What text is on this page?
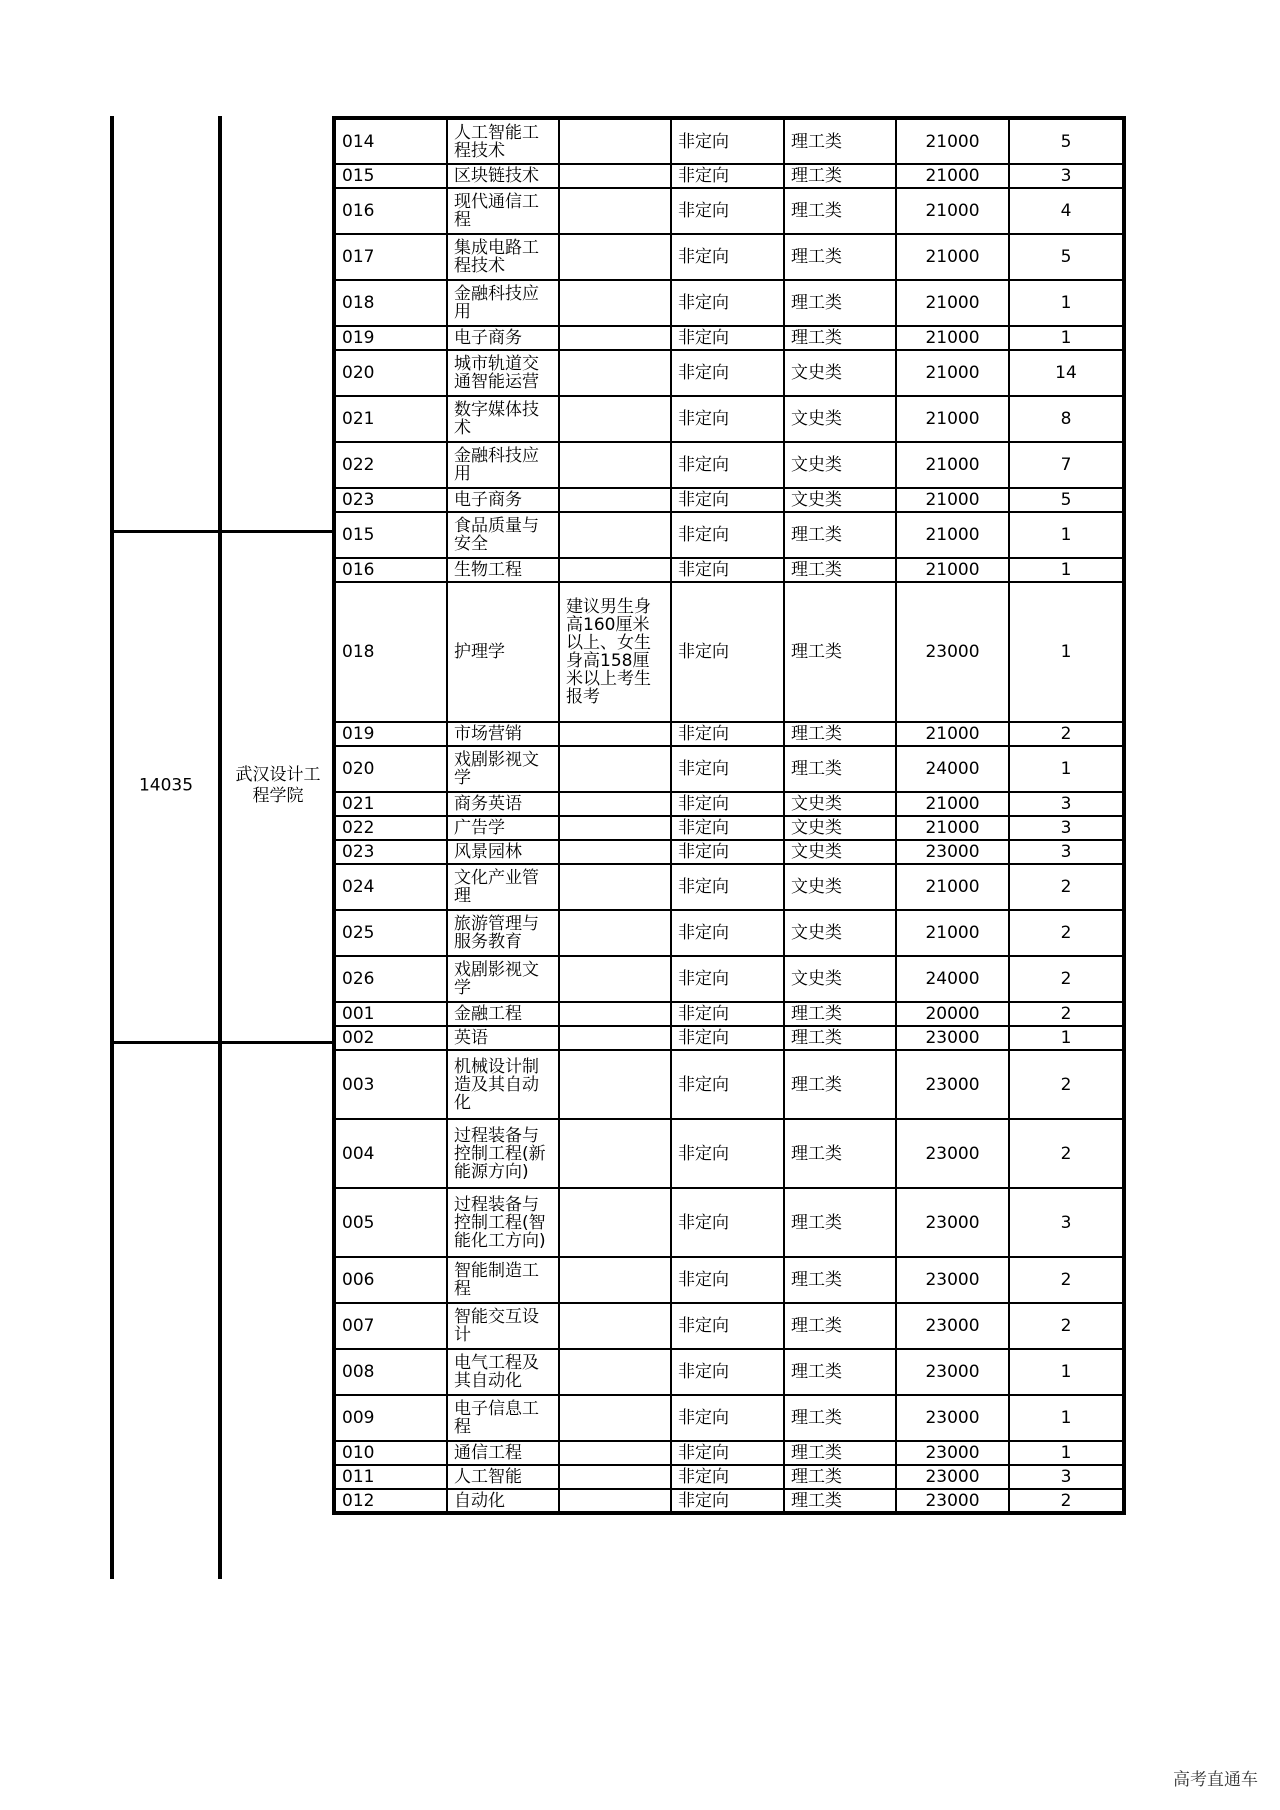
14035
武汉设计工程学院
014	人工智能工程技术		非定向	理工类	21000	5
015	区块链技术		非定向	理工类	21000	3
016	现代通信工程		非定向	理工类	21000	4
017	集成电路工程技术		非定向	理工类	21000	5
018	金融科技应用		非定向	理工类	21000	1
019	电子商务		非定向	理工类	21000	1
020	城市轨道交通智能运营		非定向	文史类	21000	14
021	数字媒体技术		非定向	文史类	21000	8
022	金融科技应用		非定向	文史类	21000	7
023	电子商务		非定向	文史类	21000	5
015	食品质量与安全		非定向	理工类	21000	1
016	生物工程		非定向	理工类	21000	1
018	护理学	建议男生身高160厘米以上、女生身高158厘米以上考生报考	非定向	理工类	23000	1
019	市场营销		非定向	理工类	21000	2
020	戏剧影视文学		非定向	理工类	24000	1
021	商务英语		非定向	文史类	21000	3
022	广告学		非定向	文史类	21000	3
023	风景园林		非定向	文史类	23000	3
024	文化产业管理		非定向	文史类	21000	2
025	旅游管理与服务教育		非定向	文史类	21000	2
026	戏剧影视文学		非定向	文史类	24000	2
001	金融工程		非定向	理工类	20000	2
002	英语		非定向	理工类	23000	1
003	机械设计制造及其自动化		非定向	理工类	23000	2
004	过程装备与控制工程(新能源方向)		非定向	理工类	23000	2
005	过程装备与控制工程(智能化工方向)		非定向	理工类	23000	3
006	智能制造工程		非定向	理工类	23000	2
007	智能交互设计		非定向	理工类	23000	2
008	电气工程及其自动化		非定向	理工类	23000	1
009	电子信息工程		非定向	理工类	23000	1
010	通信工程		非定向	理工类	23000	1
011	人工智能		非定向	理工类	23000	3
012	自动化		非定向	理工类	23000	2
高考直通车
